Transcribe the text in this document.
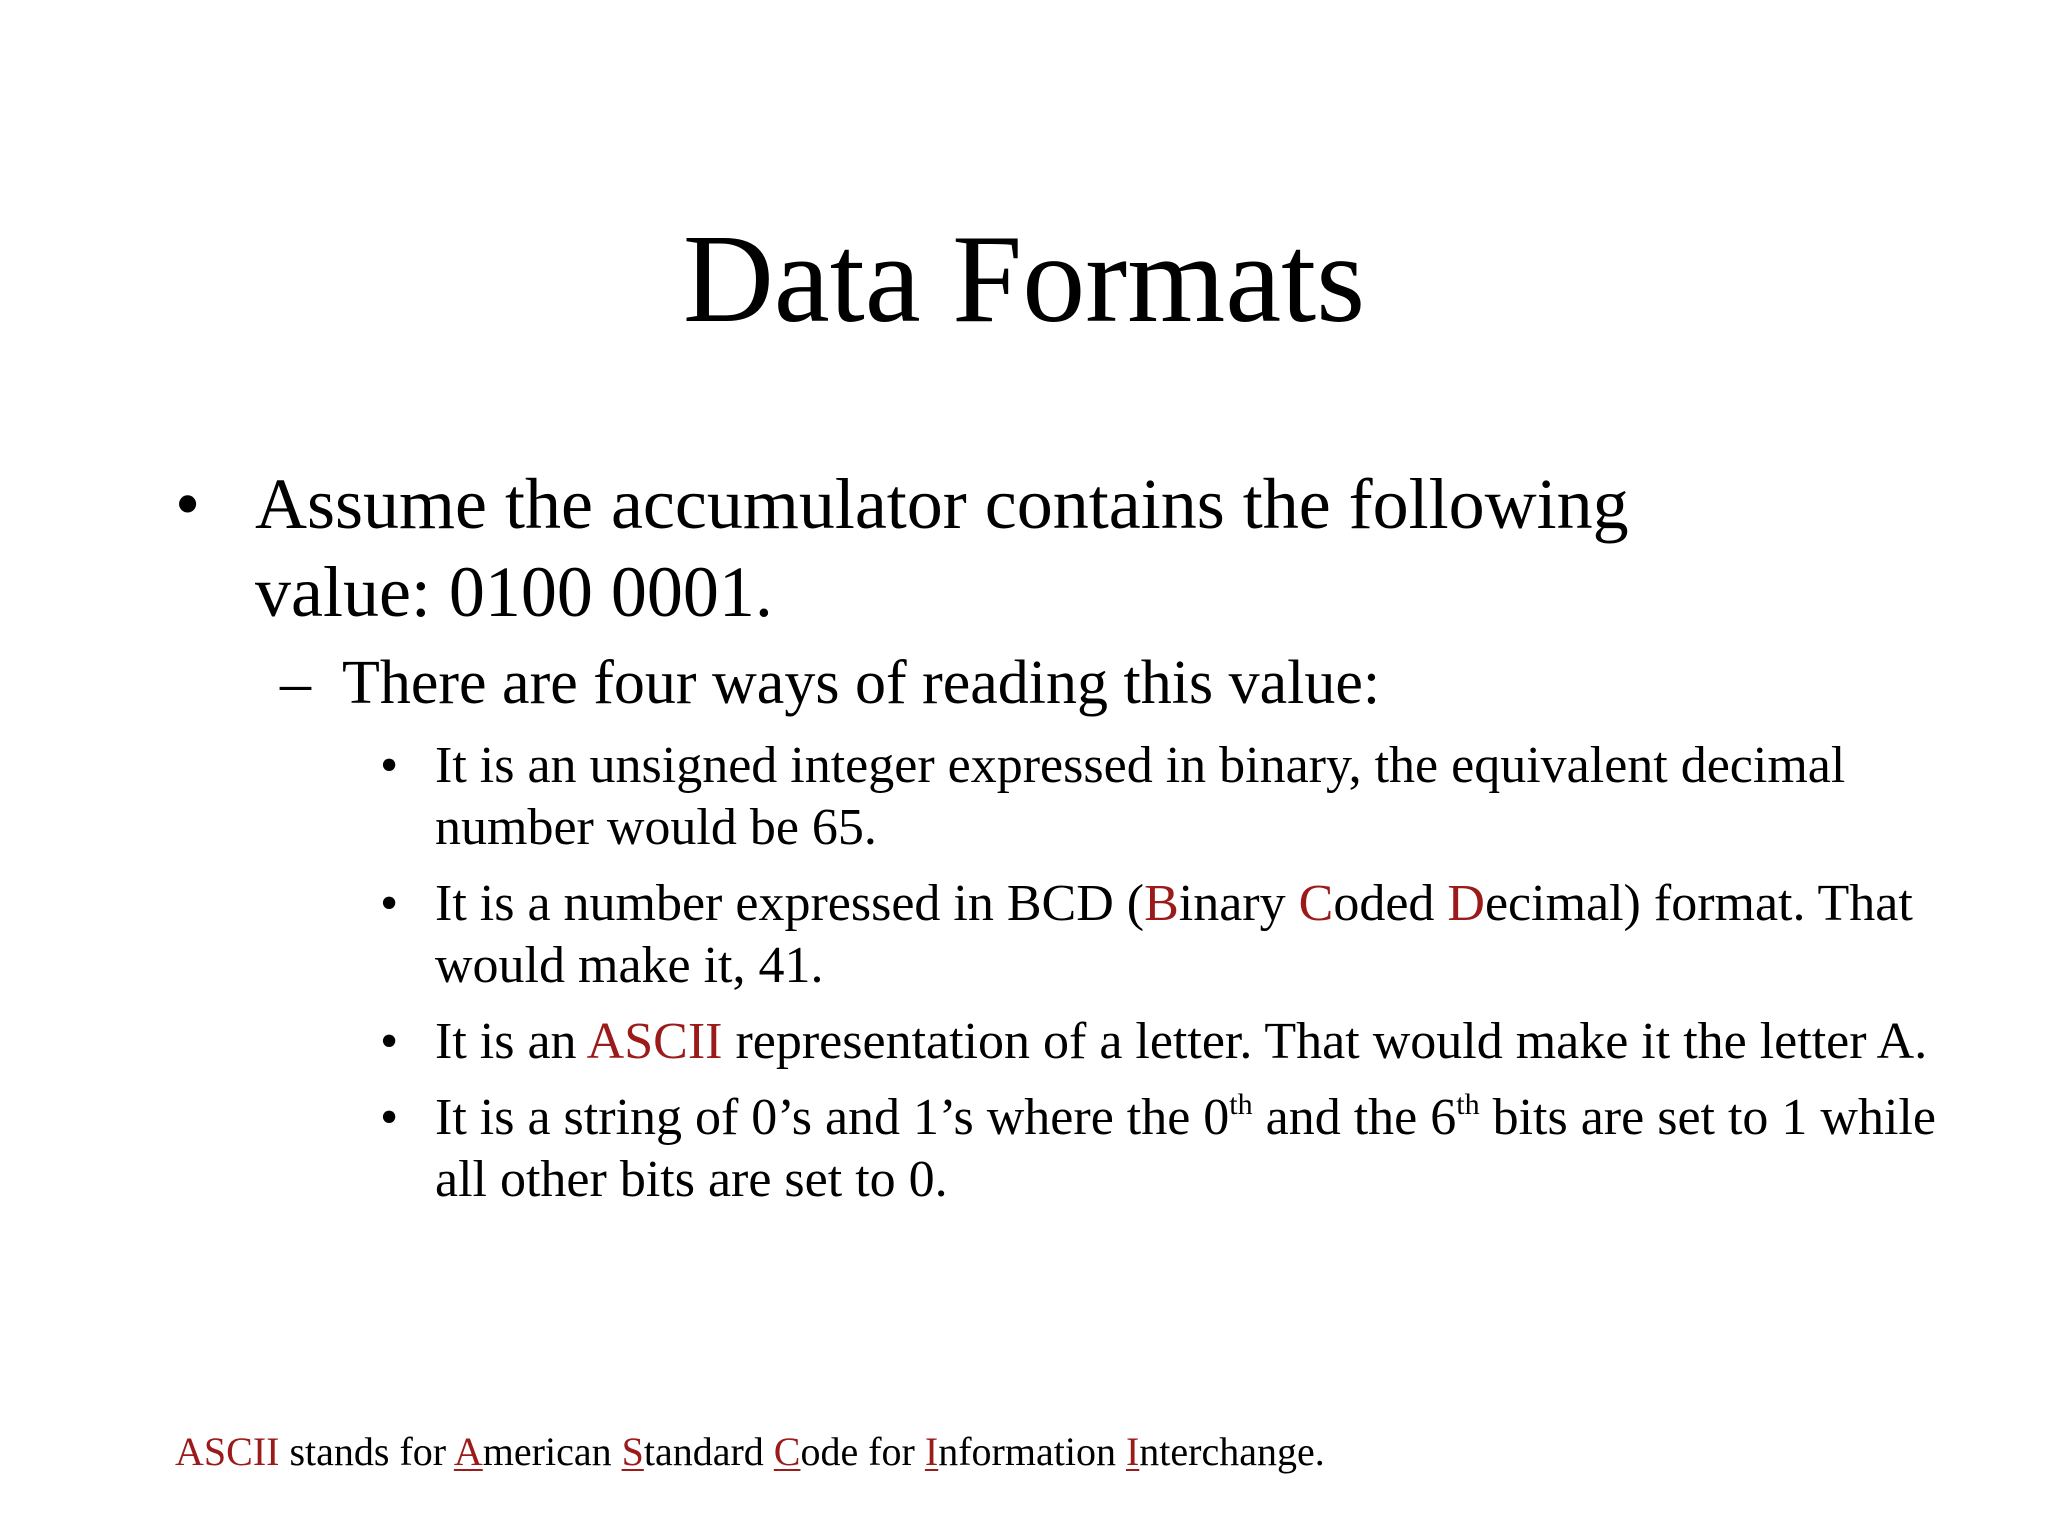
Data Formats
• Assume the accumulator contains the following value: 0100 0001.
– There are four ways of reading this value:
• It is an unsigned integer expressed in binary, the equivalent decimal number would be 65.
• It is a number expressed in BCD (Binary Coded Decimal) format. That would make it, 41.
• It is an ASCII representation of a letter. That would make it the letter A.
• It is a string of 0’s and 1’s where the 0th and the 6th bits are set to 1 while all other bits are set to 0.
ASCII stands for American Standard Code for Information Interchange.
